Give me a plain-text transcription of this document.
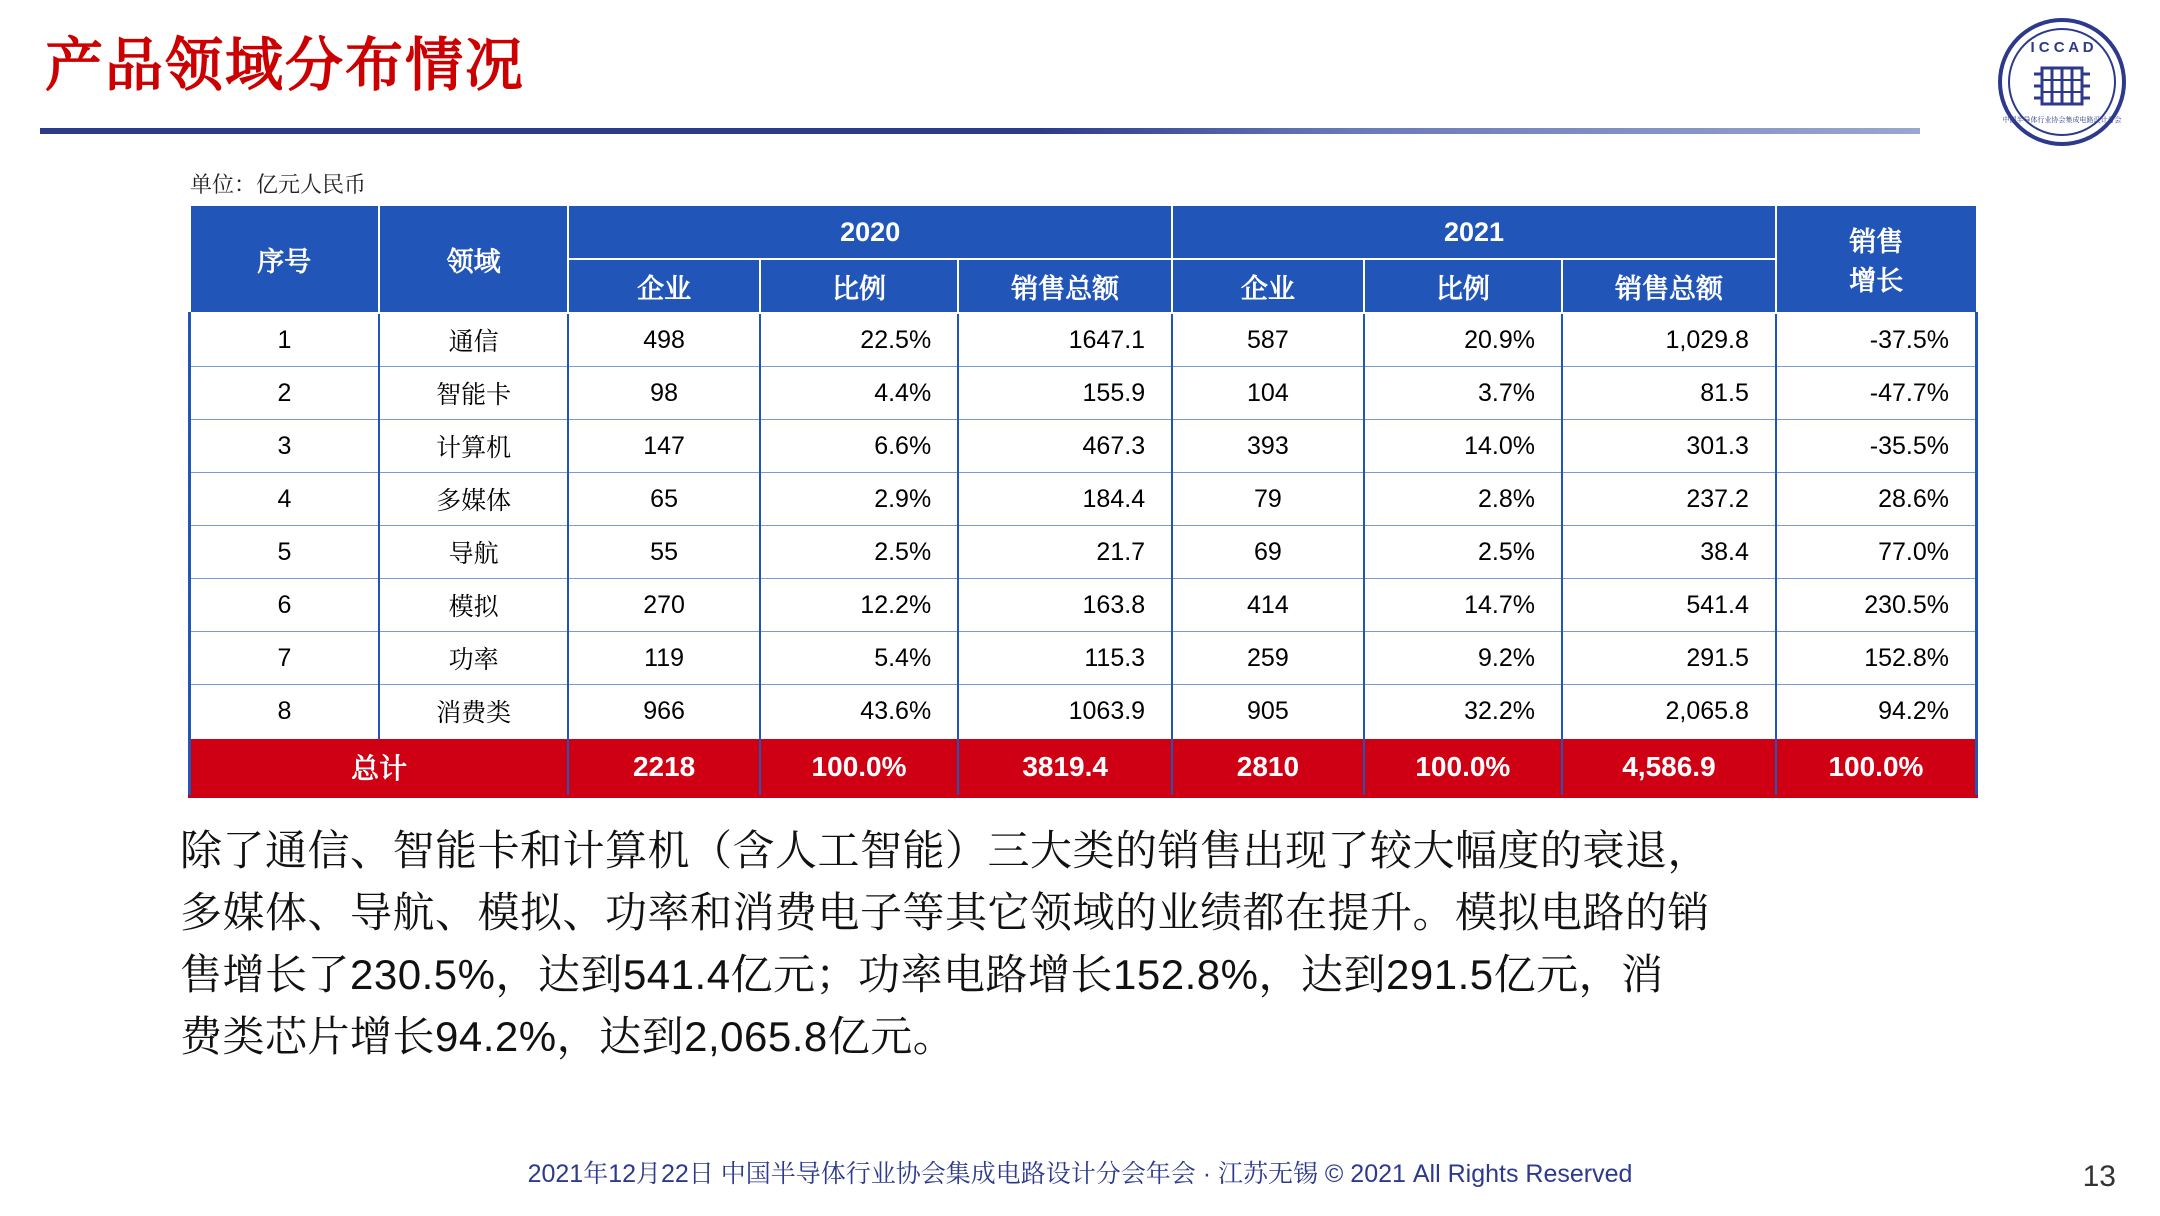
产品领域分布情况	I C C A D
中国半导体行业协会集成电路设计分会
单位：亿元人民币
序号	领域	2020			2021			销售
增长

		企业	比例	销售总额	企业	比例	销售总额	
1	通信	498	22.5%	1647.1	587	20.9%	1,029.8	-37.5%
2	智能卡	98	4.4%	155.9	104	3.7%	81.5	-47.7%
3	计算机	147	6.6%	467.3	393	14.0%	301.3	-35.5%
4	多媒体	65	2.9%	184.4	79	2.8%	237.2	28.6%
5	导航	55	2.5%	21.7	69	2.5%	38.4	77.0%
6	模拟	270	12.2%	163.8	414	14.7%	541.4	230.5%
7	功率	119	5.4%	115.3	259	9.2%	291.5	152.8%
8	消费类	966	43.6%	1063.9	905	32.2%	2,065.8	94.2%
总计		2218	100.0%	3819.4	2810	100.0%	4,586.9	100.0%
除了通信、智能卡和计算机（含人工智能）三大类的销售出现了较大幅度的衰退，
多媒体、导航、模拟、功率和消费电子等其它领域的业绩都在提升。模拟电路的销
售增长了230.5%，达到541.4亿元；功率电路增长152.8%，达到291.5亿元，消
费类芯片增长94.2%，达到2,065.8亿元。
2021年12月22日 中国半导体行业协会集成电路设计分会年会 · 江苏无锡 © 2021 All Rights Reserved	13
